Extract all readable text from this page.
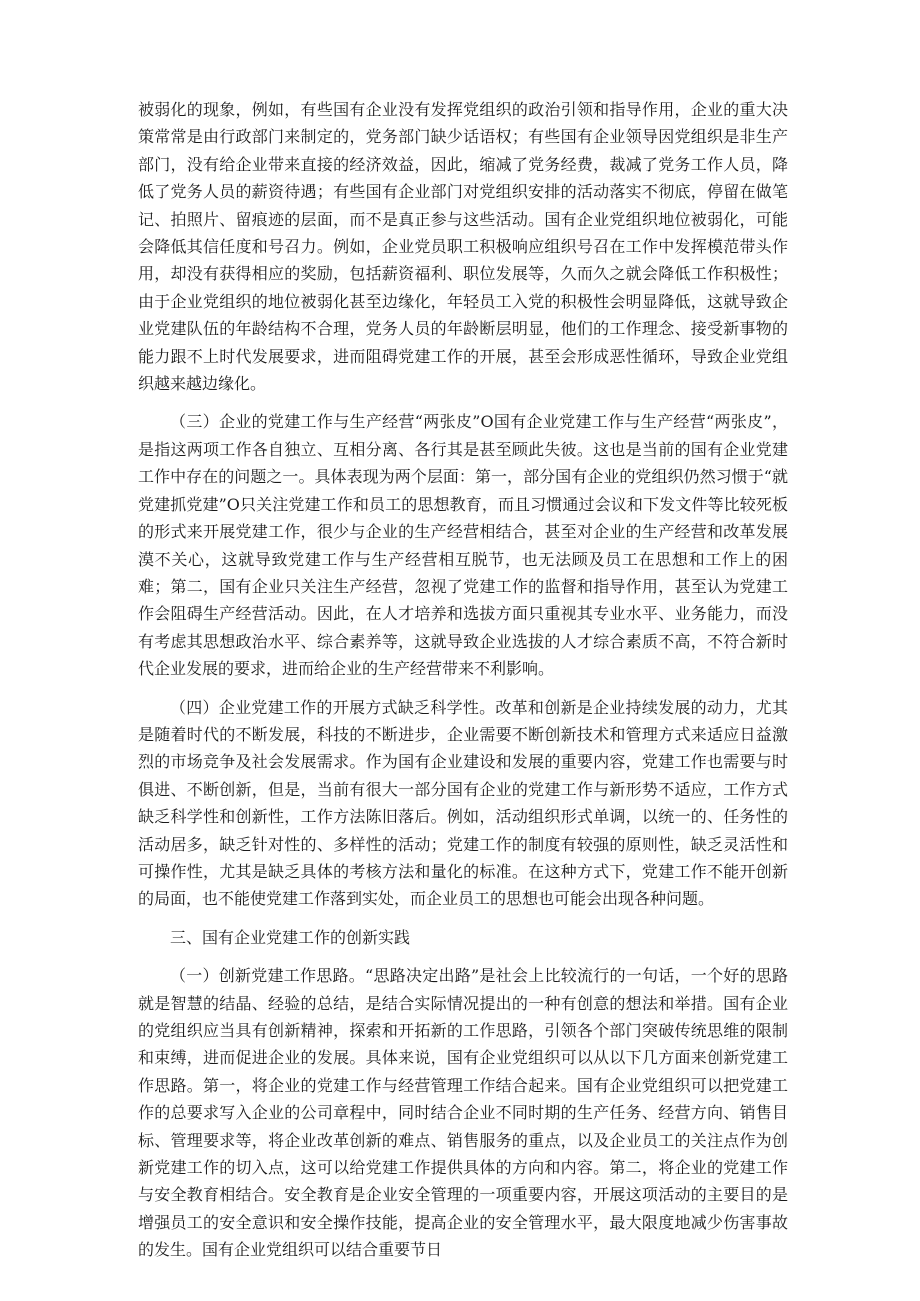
被弱化的现象，例如，有些国有企业没有发挥党组织的政治引领和指导作用，企业的重大决策常常是由行政部门来制定的，党务部门缺少话语权；有些国有企业领导因党组织是非生产部门，没有给企业带来直接的经济效益，因此，缩减了党务经费，裁减了党务工作人员，降低了党务人员的薪资待遇；有些国有企业部门对党组织安排的活动落实不彻底，停留在做笔记、拍照片、留痕迹的层面，而不是真正参与这些活动。国有企业党组织地位被弱化，可能会降低其信任度和号召力。例如，企业党员职工积极响应组织号召在工作中发挥模范带头作用，却没有获得相应的奖励，包括薪资福利、职位发展等，久而久之就会降低工作积极性；由于企业党组织的地位被弱化甚至边缘化，年轻员工入党的积极性会明显降低，这就导致企业党建队伍的年龄结构不合理，党务人员的年龄断层明显，他们的工作理念、接受新事物的能力跟不上时代发展要求，进而阻碍党建工作的开展，甚至会形成恶性循环，导致企业党组织越来越边缘化。

（三）企业的党建工作与生产经营“两张皮”O国有企业党建工作与生产经营“两张皮”，是指这两项工作各自独立、互相分离、各行其是甚至顾此失彼。这也是当前的国有企业党建工作中存在的问题之一。具体表现为两个层面：第一，部分国有企业的党组织仍然习惯于“就党建抓党建”O只关注党建工作和员工的思想教育，而且习惯通过会议和下发文件等比较死板的形式来开展党建工作，很少与企业的生产经营相结合，甚至对企业的生产经营和改革发展漠不关心，这就导致党建工作与生产经营相互脱节，也无法顾及员工在思想和工作上的困难；第二，国有企业只关注生产经营，忽视了党建工作的监督和指导作用，甚至认为党建工作会阻碍生产经营活动。因此，在人才培养和选拔方面只重视其专业水平、业务能力，而没有考虑其思想政治水平、综合素养等，这就导致企业选拔的人才综合素质不高，不符合新时代企业发展的要求，进而给企业的生产经营带来不利影响。

（四）企业党建工作的开展方式缺乏科学性。改革和创新是企业持续发展的动力，尤其是随着时代的不断发展，科技的不断进步，企业需要不断创新技术和管理方式来适应日益激烈的市场竞争及社会发展需求。作为国有企业建设和发展的重要内容，党建工作也需要与时俱进、不断创新，但是，当前有很大一部分国有企业的党建工作与新形势不适应，工作方式缺乏科学性和创新性，工作方法陈旧落后。例如，活动组织形式单调，以统一的、任务性的活动居多，缺乏针对性的、多样性的活动；党建工作的制度有较强的原则性，缺乏灵活性和可操作性，尤其是缺乏具体的考核方法和量化的标准。在这种方式下，党建工作不能开创新的局面，也不能使党建工作落到实处，而企业员工的思想也可能会出现各种问题。

三、国有企业党建工作的创新实践

（一）创新党建工作思路。“思路决定出路”是社会上比较流行的一句话，一个好的思路就是智慧的结晶、经验的总结，是结合实际情况提出的一种有创意的想法和举措。国有企业的党组织应当具有创新精神，探索和开拓新的工作思路，引领各个部门突破传统思维的限制和束缚，进而促进企业的发展。具体来说，国有企业党组织可以从以下几方面来创新党建工作思路。第一，将企业的党建工作与经营管理工作结合起来。国有企业党组织可以把党建工作的总要求写入企业的公司章程中，同时结合企业不同时期的生产任务、经营方向、销售目标、管理要求等，将企业改革创新的难点、销售服务的重点，以及企业员工的关注点作为创新党建工作的切入点，这可以给党建工作提供具体的方向和内容。第二，将企业的党建工作与安全教育相结合。安全教育是企业安全管理的一项重要内容，开展这项活动的主要目的是增强员工的安全意识和安全操作技能，提高企业的安全管理水平，最大限度地减少伤害事故的发生。国有企业党组织可以结合重要节日
